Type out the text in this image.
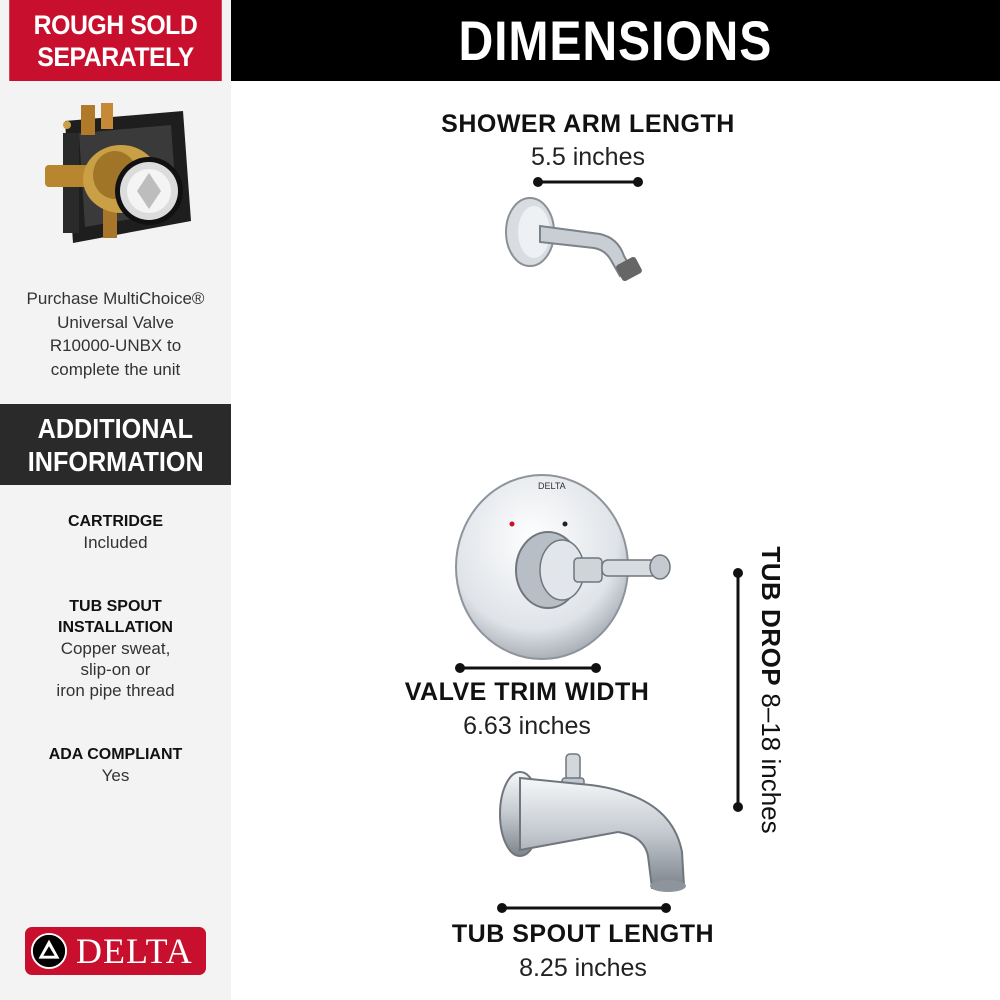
ROUGH SOLD
SEPARATELY	DIMENSIONS
Purchase MultiChoice®
Universal Valve
R10000-UNBX to
complete the unit
ADDITIONAL
INFORMATION
CARTRIDGE
Included
TUB SPOUT
INSTALLATION
Copper sweat,
slip-on or
iron pipe thread
ADA COMPLIANT
Yes
DELTA
SHOWER ARM LENGTH
5.5 inches
DELTA
VALVE TRIM WIDTH
6.63 inches
TUB SPOUT LENGTH
8.25 inches
TUB DROP 8–18 inches
